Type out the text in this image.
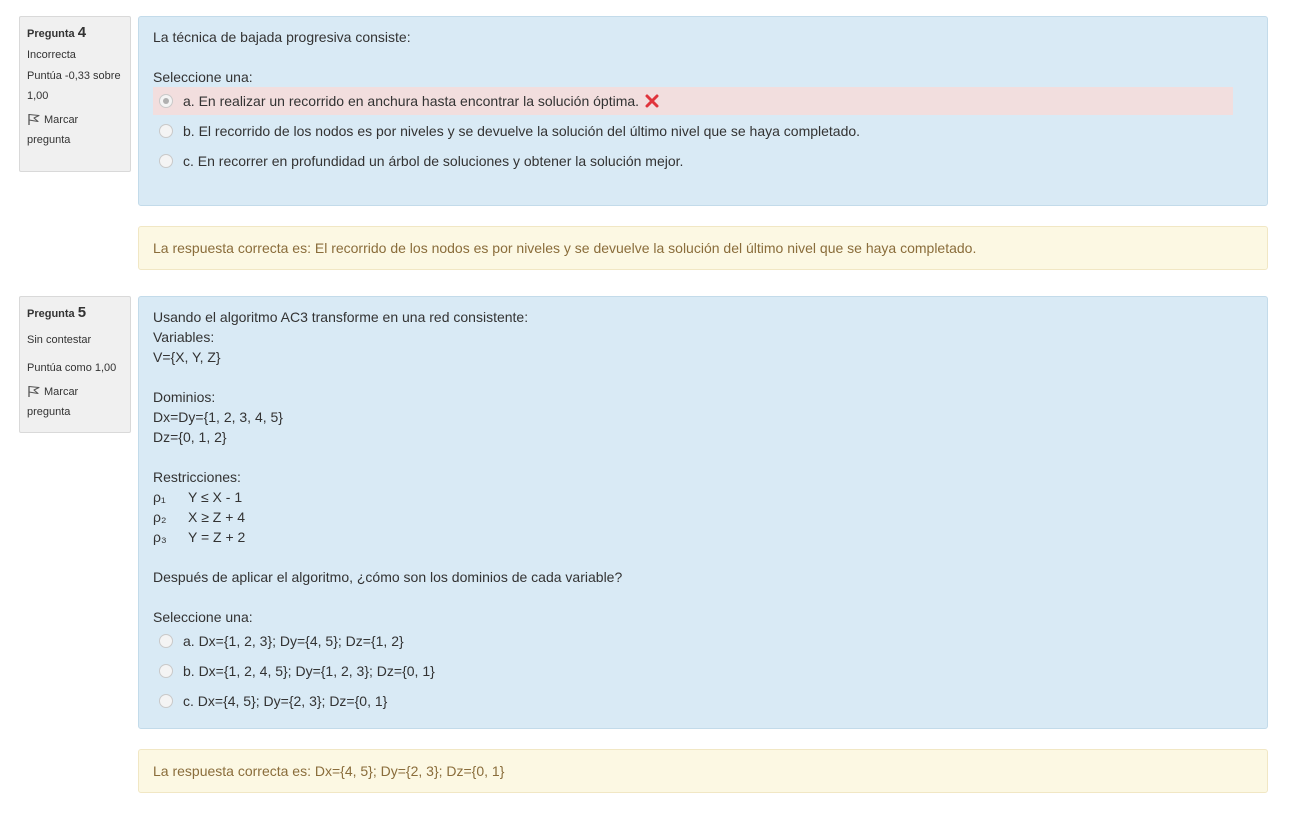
Pregunta 4
Incorrecta
Puntúa -0,33 sobre 1,00
Marcar pregunta
La técnica de bajada progresiva consiste:
Seleccione una:
a. En realizar un recorrido en anchura hasta encontrar la solución óptima.
b. El recorrido de los nodos es por niveles y se devuelve la solución del último nivel que se haya completado.
c. En recorrer en profundidad un árbol de soluciones y obtener la solución mejor.
La respuesta correcta es: El recorrido de los nodos es por niveles y se devuelve la solución del último nivel que se haya completado.
Pregunta 5
Sin contestar
Puntúa como 1,00
Marcar pregunta
Usando el algoritmo AC3 transforme en una red consistente:
Variables:
V={X, Y, Z}
Dominios:
Dx=Dy={1, 2, 3, 4, 5}
Dz={0, 1, 2}
Restricciones:
ρ₁	Y ≤ X - 1
ρ₂	X ≥ Z + 4
ρ₃	Y = Z + 2
Después de aplicar el algoritmo, ¿cómo son los dominios de cada variable?
Seleccione una:
a. Dx={1, 2, 3}; Dy={4, 5}; Dz={1, 2}
b. Dx={1, 2, 4, 5}; Dy={1, 2, 3}; Dz={0, 1}
c. Dx={4, 5}; Dy={2, 3}; Dz={0, 1}
La respuesta correcta es: Dx={4, 5}; Dy={2, 3}; Dz={0, 1}
